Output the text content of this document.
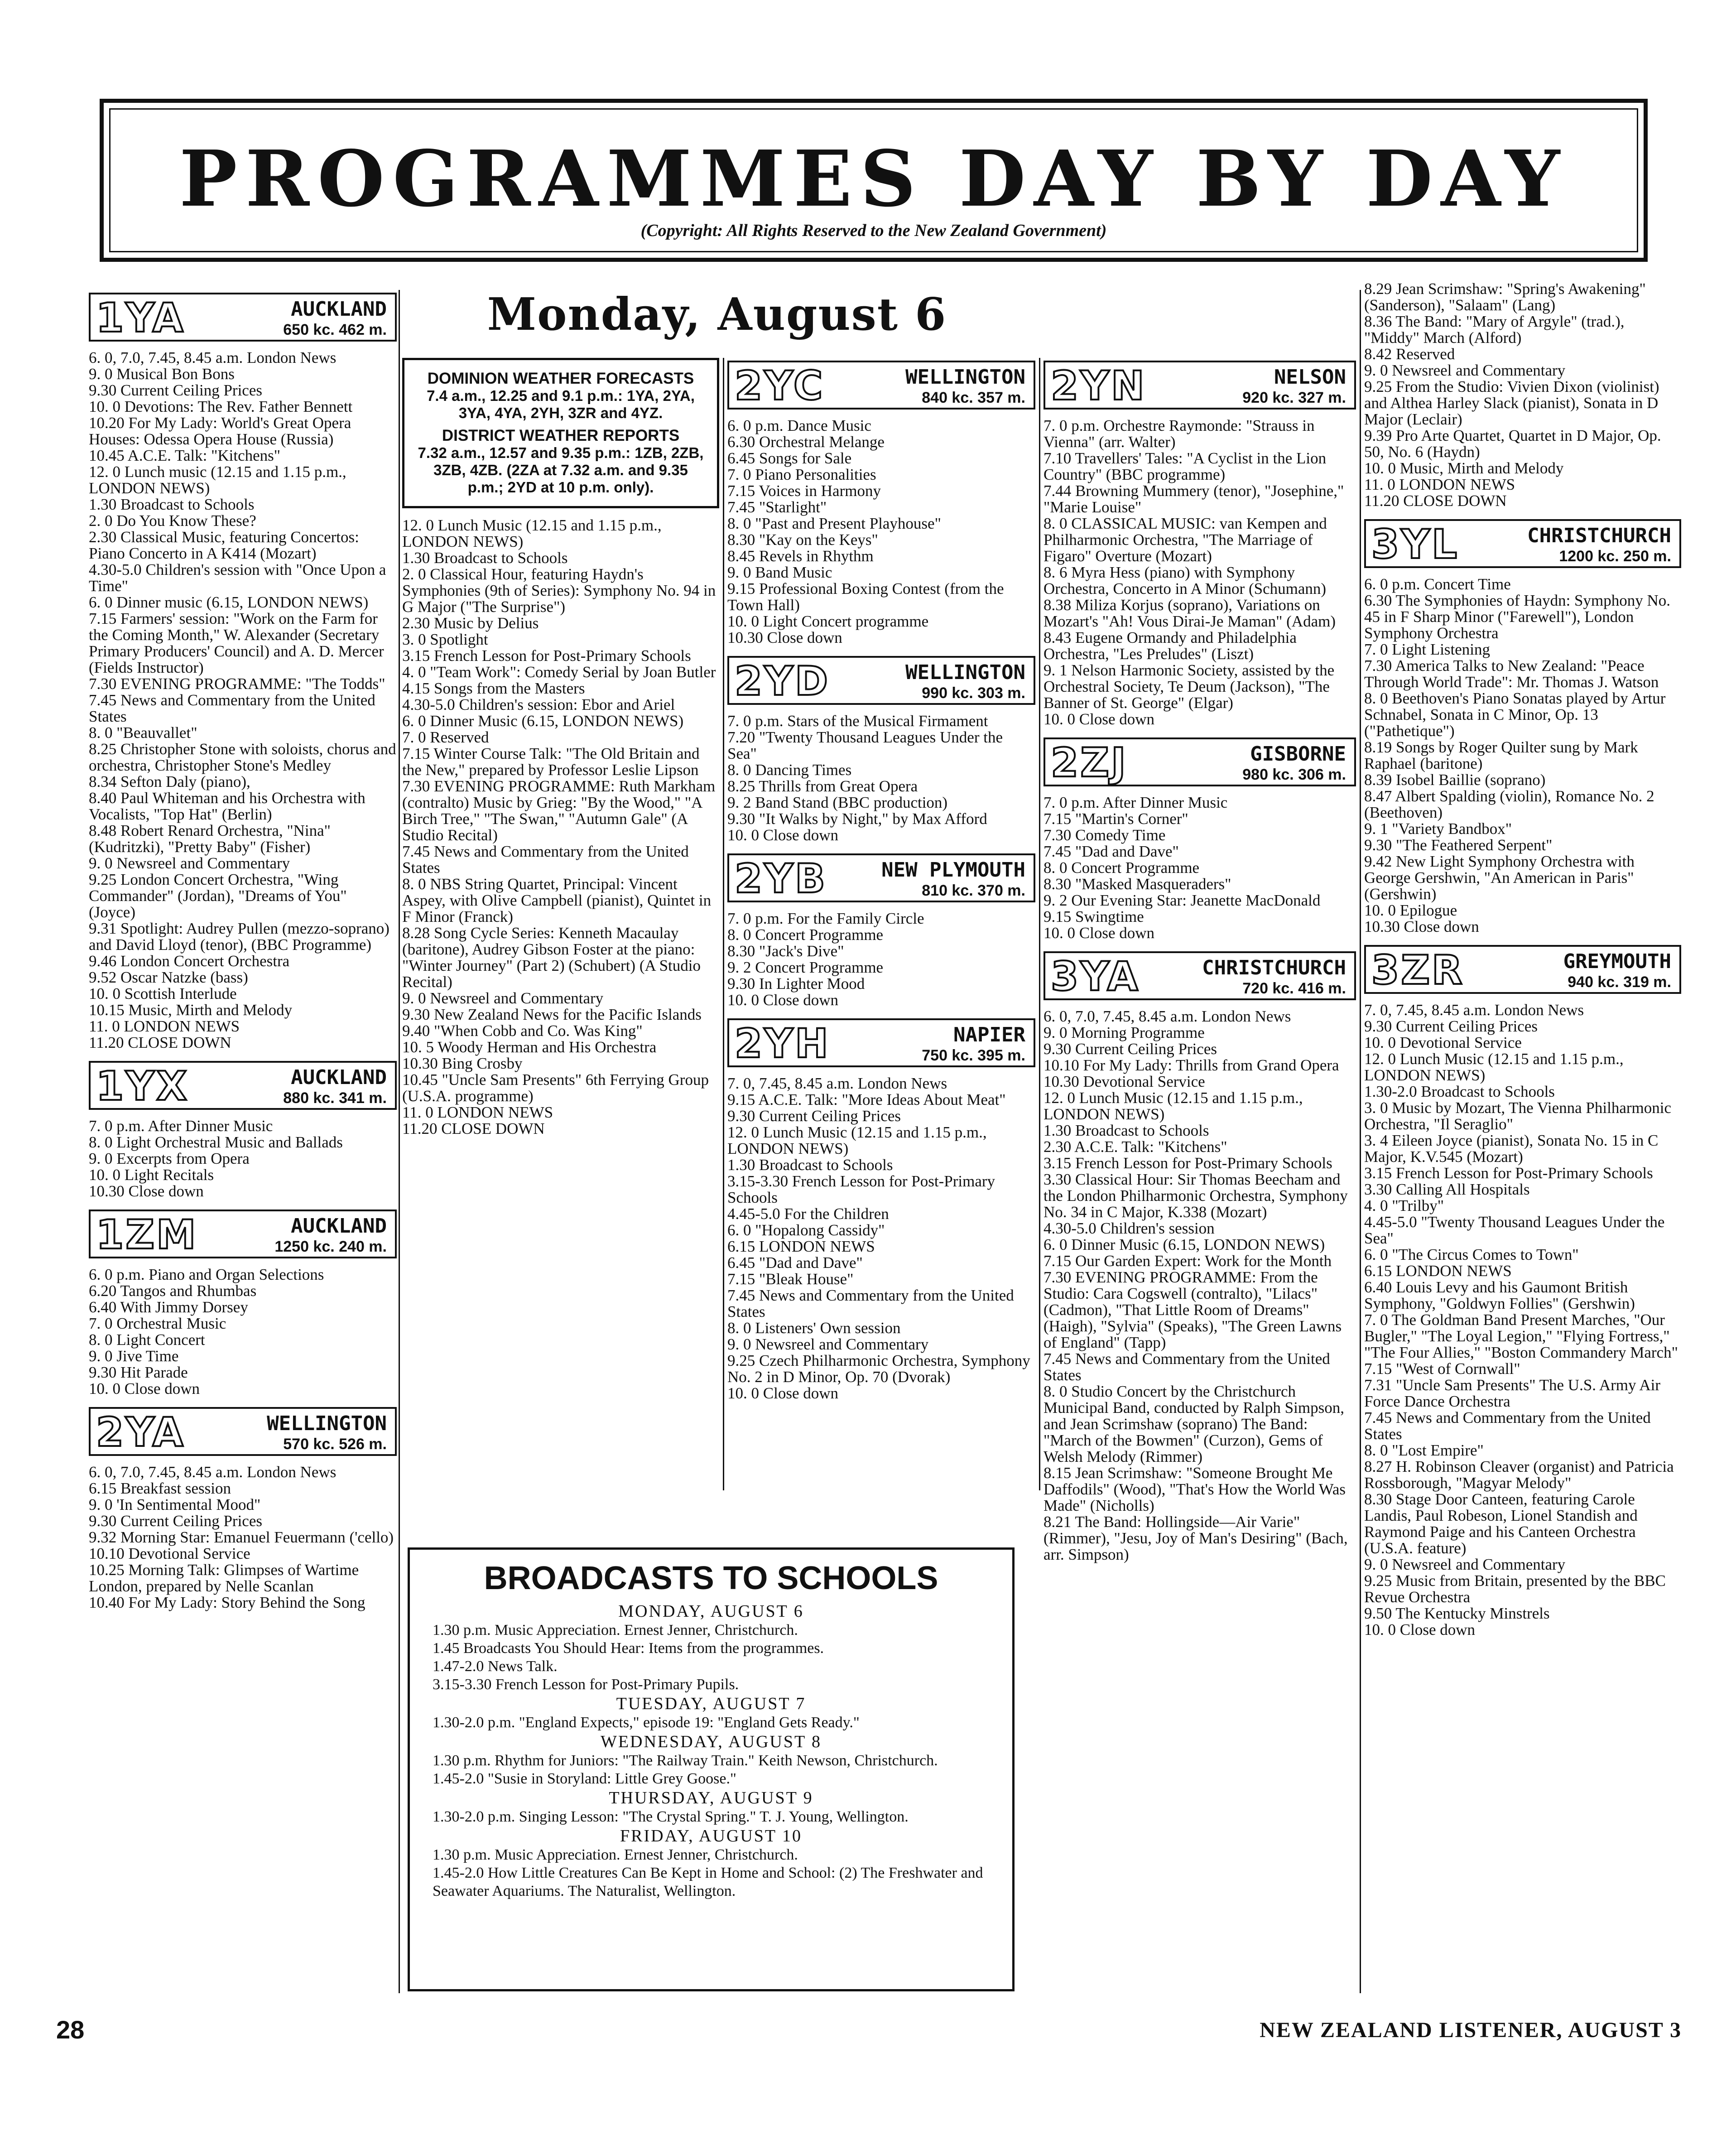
PROGRAMMES DAY BY DAY
(Copyright: All Rights Reserved to the New Zealand Government)
1YA	AUCKLAND
650 kc. 462 m.
6. 0, 7.0, 7.45, 8.45 a.m. London News
9. 0 Musical Bon Bons
9.30 Current Ceiling Prices
10. 0 Devotions: The Rev. Father Bennett
10.20 For My Lady: World's Great Opera Houses: Odessa Opera House (Russia)
10.45 A.C.E. Talk: "Kitchens"
12. 0 Lunch music (12.15 and 1.15 p.m., LONDON NEWS)
1.30 Broadcast to Schools
2. 0 Do You Know These?
2.30 Classical Music, featuring Concertos: Piano Concerto in A K414 (Mozart)
4.30-5.0 Children's session with "Once Upon a Time"
6. 0 Dinner music (6.15, LONDON NEWS)
7.15 Farmers' session: "Work on the Farm for the Coming Month," W. Alexander (Secretary Primary Producers' Council) and A. D. Mercer (Fields Instructor)
7.30 EVENING PROGRAMME: "The Todds"
7.45 News and Commentary from the United States
8. 0 "Beauvallet"
8.25 Christopher Stone with soloists, chorus and orchestra, Christopher Stone's Medley
8.34 Sefton Daly (piano),
8.40 Paul Whiteman and his Orchestra with Vocalists, "Top Hat" (Berlin)
8.48 Robert Renard Orchestra, "Nina" (Kudritzki), "Pretty Baby" (Fisher)
9. 0 Newsreel and Commentary
9.25 London Concert Orchestra, "Wing Commander" (Jordan), "Dreams of You" (Joyce)
9.31 Spotlight: Audrey Pullen (mezzo-soprano) and David Lloyd (tenor), (BBC Programme)
9.46 London Concert Orchestra
9.52 Oscar Natzke (bass)
10. 0 Scottish Interlude
10.15 Music, Mirth and Melody
11. 0 LONDON NEWS
11.20 CLOSE DOWN
1YX	AUCKLAND
880 kc. 341 m.
7. 0 p.m. After Dinner Music
8. 0 Light Orchestral Music and Ballads
9. 0 Excerpts from Opera
10. 0 Light Recitals
10.30 Close down
1ZM	AUCKLAND
1250 kc. 240 m.
6. 0 p.m. Piano and Organ Selections
6.20 Tangos and Rhumbas
6.40 With Jimmy Dorsey
7. 0 Orchestral Music
8. 0 Light Concert
9. 0 Jive Time
9.30 Hit Parade
10. 0 Close down
2YA	WELLINGTON
570 kc. 526 m.
6. 0, 7.0, 7.45, 8.45 a.m. London News
6.15 Breakfast session
9. 0 'In Sentimental Mood"
9.30 Current Ceiling Prices
9.32 Morning Star: Emanuel Feuermann ('cello)
10.10 Devotional Service
10.25 Morning Talk: Glimpses of Wartime London, prepared by Nelle Scanlan
10.40 For My Lady: Story Behind the Song
Monday, August 6
DOMINION WEATHER FORECASTS
7.4 a.m., 12.25 and 9.1 p.m.: 1YA, 2YA, 3YA, 4YA, 2YH, 3ZR and 4YZ.
DISTRICT WEATHER REPORTS
7.32 a.m., 12.57 and 9.35 p.m.: 1ZB, 2ZB, 3ZB, 4ZB. (2ZA at 7.32 a.m. and 9.35 p.m.; 2YD at 10 p.m. only).
12. 0 Lunch Music (12.15 and 1.15 p.m., LONDON NEWS)
1.30 Broadcast to Schools
2. 0 Classical Hour, featuring Haydn's Symphonies (9th of Series): Symphony No. 94 in G Major ("The Surprise")
2.30 Music by Delius
3. 0 Spotlight
3.15 French Lesson for Post-Primary Schools
4. 0 "Team Work": Comedy Serial by Joan Butler
4.15 Songs from the Masters
4.30-5.0 Children's session: Ebor and Ariel
6. 0 Dinner Music (6.15, LONDON NEWS)
7. 0 Reserved
7.15 Winter Course Talk: "The Old Britain and the New," prepared by Professor Leslie Lipson
7.30 EVENING PROGRAMME: Ruth Markham (contralto) Music by Grieg: "By the Wood," "A Birch Tree," "The Swan," "Autumn Gale" (A Studio Recital)
7.45 News and Commentary from the United States
8. 0 NBS String Quartet, Principal: Vincent Aspey, with Olive Campbell (pianist), Quintet in F Minor (Franck)
8.28 Song Cycle Series: Kenneth Macaulay (baritone), Audrey Gibson Foster at the piano: "Winter Journey" (Part 2) (Schubert) (A Studio Recital)
9. 0 Newsreel and Commentary
9.30 New Zealand News for the Pacific Islands
9.40 "When Cobb and Co. Was King"
10. 5 Woody Herman and His Orchestra
10.30 Bing Crosby
10.45 "Uncle Sam Presents" 6th Ferrying Group (U.S.A. programme)
11. 0 LONDON NEWS
11.20 CLOSE DOWN
2YC	WELLINGTON
840 kc. 357 m.
6. 0 p.m. Dance Music
6.30 Orchestral Melange
6.45 Songs for Sale
7. 0 Piano Personalities
7.15 Voices in Harmony
7.45 "Starlight"
8. 0 "Past and Present Playhouse"
8.30 "Kay on the Keys"
8.45 Revels in Rhythm
9. 0 Band Music
9.15 Professional Boxing Contest (from the Town Hall)
10. 0 Light Concert programme
10.30 Close down
2YD	WELLINGTON
990 kc. 303 m.
7. 0 p.m. Stars of the Musical Firmament
7.20 "Twenty Thousand Leagues Under the Sea"
8. 0 Dancing Times
8.25 Thrills from Great Opera
9. 2 Band Stand (BBC production)
9.30 "It Walks by Night," by Max Afford
10. 0 Close down
2YB	NEW PLYMOUTH
810 kc. 370 m.
7. 0 p.m. For the Family Circle
8. 0 Concert Programme
8.30 "Jack's Dive"
9. 2 Concert Programme
9.30 In Lighter Mood
10. 0 Close down
2YH	NAPIER
750 kc. 395 m.
7. 0, 7.45, 8.45 a.m. London News
9.15 A.C.E. Talk: "More Ideas About Meat"
9.30 Current Ceiling Prices
12. 0 Lunch Music (12.15 and 1.15 p.m., LONDON NEWS)
1.30 Broadcast to Schools
3.15-3.30 French Lesson for Post-Primary Schools
4.45-5.0 For the Children
6. 0 "Hopalong Cassidy"
6.15 LONDON NEWS
6.45 "Dad and Dave"
7.15 "Bleak House"
7.45 News and Commentary from the United States
8. 0 Listeners' Own session
9. 0 Newsreel and Commentary
9.25 Czech Philharmonic Orchestra, Symphony No. 2 in D Minor, Op. 70 (Dvorak)
10. 0 Close down
2YN	NELSON
920 kc. 327 m.
7. 0 p.m. Orchestre Raymonde: "Strauss in Vienna" (arr. Walter)
7.10 Travellers' Tales: "A Cyclist in the Lion Country" (BBC programme)
7.44 Browning Mummery (tenor), "Josephine," "Marie Louise"
8. 0 CLASSICAL MUSIC: van Kempen and Philharmonic Orchestra, "The Marriage of Figaro" Overture (Mozart)
8. 6 Myra Hess (piano) with Symphony Orchestra, Concerto in A Minor (Schumann)
8.38 Miliza Korjus (soprano), Variations on Mozart's "Ah! Vous Dirai-Je Maman" (Adam)
8.43 Eugene Ormandy and Philadelphia Orchestra, "Les Preludes" (Liszt)
9. 1 Nelson Harmonic Society, assisted by the Orchestral Society, Te Deum (Jackson), "The Banner of St. George" (Elgar)
10. 0 Close down
2ZJ	GISBORNE
980 kc. 306 m.
7. 0 p.m. After Dinner Music
7.15 "Martin's Corner"
7.30 Comedy Time
7.45 "Dad and Dave"
8. 0 Concert Programme
8.30 "Masked Masqueraders"
9. 2 Our Evening Star: Jeanette MacDonald
9.15 Swingtime
10. 0 Close down
3YA	CHRISTCHURCH
720 kc. 416 m.
6. 0, 7.0, 7.45, 8.45 a.m. London News
9. 0 Morning Programme
9.30 Current Ceiling Prices
10.10 For My Lady: Thrills from Grand Opera
10.30 Devotional Service
12. 0 Lunch Music (12.15 and 1.15 p.m., LONDON NEWS)
1.30 Broadcast to Schools
2.30 A.C.E. Talk: "Kitchens"
3.15 French Lesson for Post-Primary Schools
3.30 Classical Hour: Sir Thomas Beecham and the London Philharmonic Orchestra, Symphony No. 34 in C Major, K.338 (Mozart)
4.30-5.0 Children's session
6. 0 Dinner Music (6.15, LONDON NEWS)
7.15 Our Garden Expert: Work for the Month
7.30 EVENING PROGRAMME: From the Studio: Cara Cogswell (contralto), "Lilacs" (Cadmon), "That Little Room of Dreams" (Haigh), "Sylvia" (Speaks), "The Green Lawns of England" (Tapp)
7.45 News and Commentary from the United States
8. 0 Studio Concert by the Christchurch Municipal Band, conducted by Ralph Simpson, and Jean Scrimshaw (soprano) The Band: "March of the Bowmen" (Curzon), Gems of Welsh Melody (Rimmer)
8.15 Jean Scrimshaw: "Someone Brought Me Daffodils" (Wood), "That's How the World Was Made" (Nicholls)
8.21 The Band: Hollingside—Air Varie" (Rimmer), "Jesu, Joy of Man's Desiring" (Bach, arr. Simpson)
8.29 Jean Scrimshaw: "Spring's Awakening" (Sanderson), "Salaam" (Lang)
8.36 The Band: "Mary of Argyle" (trad.), "Middy" March (Alford)
8.42 Reserved
9. 0 Newsreel and Commentary
9.25 From the Studio: Vivien Dixon (violinist) and Althea Harley Slack (pianist), Sonata in D Major (Leclair)
9.39 Pro Arte Quartet, Quartet in D Major, Op. 50, No. 6 (Haydn)
10. 0 Music, Mirth and Melody
11. 0 LONDON NEWS
11.20 CLOSE DOWN
3YL	CHRISTCHURCH
1200 kc. 250 m.
6. 0 p.m. Concert Time
6.30 The Symphonies of Haydn: Symphony No. 45 in F Sharp Minor ("Farewell"), London Symphony Orchestra
7. 0 Light Listening
7.30 America Talks to New Zealand: "Peace Through World Trade": Mr. Thomas J. Watson
8. 0 Beethoven's Piano Sonatas played by Artur Schnabel, Sonata in C Minor, Op. 13 ("Pathetique")
8.19 Songs by Roger Quilter sung by Mark Raphael (baritone)
8.39 Isobel Baillie (soprano)
8.47 Albert Spalding (violin), Romance No. 2 (Beethoven)
9. 1 "Variety Bandbox"
9.30 "The Feathered Serpent"
9.42 New Light Symphony Orchestra with George Gershwin, "An American in Paris" (Gershwin)
10. 0 Epilogue
10.30 Close down
3ZR	GREYMOUTH
940 kc. 319 m.
7. 0, 7.45, 8.45 a.m. London News
9.30 Current Ceiling Prices
10. 0 Devotional Service
12. 0 Lunch Music (12.15 and 1.15 p.m., LONDON NEWS)
1.30-2.0 Broadcast to Schools
3. 0 Music by Mozart, The Vienna Philharmonic Orchestra, "Il Seraglio"
3. 4 Eileen Joyce (pianist), Sonata No. 15 in C Major, K.V.545 (Mozart)
3.15 French Lesson for Post-Primary Schools
3.30 Calling All Hospitals
4. 0 "Trilby"
4.45-5.0 "Twenty Thousand Leagues Under the Sea"
6. 0 "The Circus Comes to Town"
6.15 LONDON NEWS
6.40 Louis Levy and his Gaumont British Symphony, "Goldwyn Follies" (Gershwin)
7. 0 The Goldman Band Present Marches, "Our Bugler," "The Loyal Legion," "Flying Fortress," "The Four Allies," "Boston Commandery March"
7.15 "West of Cornwall"
7.31 "Uncle Sam Presents" The U.S. Army Air Force Dance Orchestra
7.45 News and Commentary from the United States
8. 0 "Lost Empire"
8.27 H. Robinson Cleaver (organist) and Patricia Rossborough, "Magyar Melody"
8.30 Stage Door Canteen, featuring Carole Landis, Paul Robeson, Lionel Standish and Raymond Paige and his Canteen Orchestra (U.S.A. feature)
9. 0 Newsreel and Commentary
9.25 Music from Britain, presented by the BBC Revue Orchestra
9.50 The Kentucky Minstrels
10. 0 Close down
BROADCASTS TO SCHOOLS
MONDAY, AUGUST 6
1.30 p.m. Music Appreciation. Ernest Jenner, Christchurch.
1.45 Broadcasts You Should Hear: Items from the programmes.
1.47-2.0 News Talk.
3.15-3.30 French Lesson for Post-Primary Pupils.
TUESDAY, AUGUST 7
1.30-2.0 p.m. "England Expects," episode 19: "England Gets Ready."
WEDNESDAY, AUGUST 8
1.30 p.m. Rhythm for Juniors: "The Railway Train." Keith Newson, Christchurch.
1.45-2.0 "Susie in Storyland: Little Grey Goose."
THURSDAY, AUGUST 9
1.30-2.0 p.m. Singing Lesson: "The Crystal Spring." T. J. Young, Wellington.
FRIDAY, AUGUST 10
1.30 p.m. Music Appreciation. Ernest Jenner, Christchurch.
1.45-2.0 How Little Creatures Can Be Kept in Home and School: (2) The Freshwater and Seawater Aquariums. The Naturalist, Wellington.
28	NEW ZEALAND LISTENER, AUGUST 3
